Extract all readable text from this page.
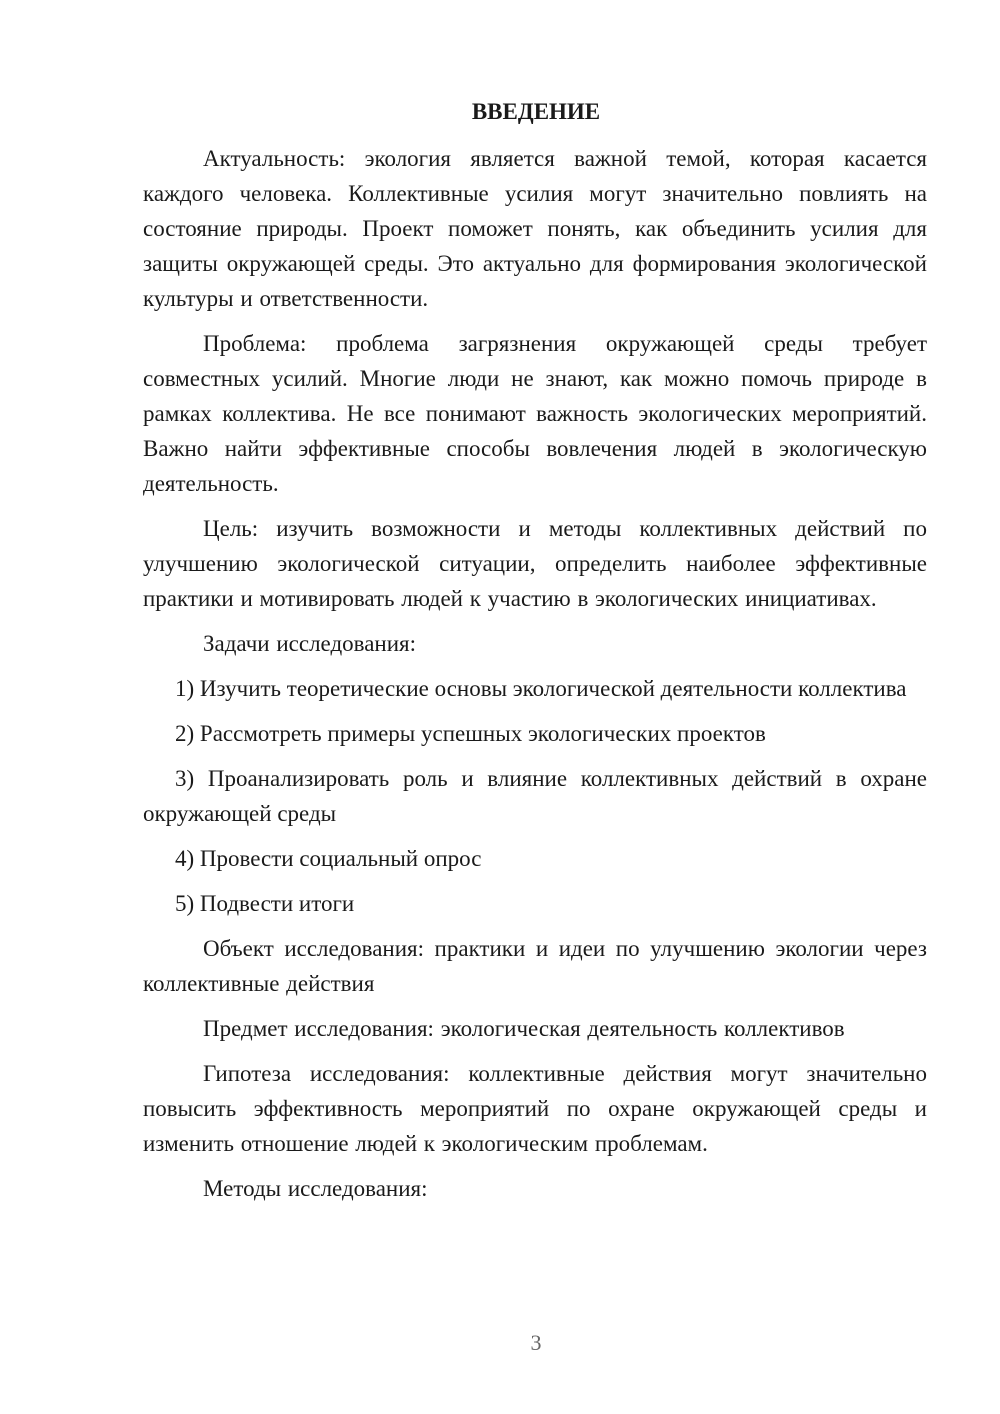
ВВЕДЕНИЕ

Актуальность: экология является важной темой, которая касается каждого человека. Коллективные усилия могут значительно повлиять на состояние природы. Проект поможет понять, как объединить усилия для защиты окружающей среды. Это актуально для формирования экологической культуры и ответственности.

Проблема: проблема загрязнения окружающей среды требует совместных усилий. Многие люди не знают, как можно помочь природе в рамках коллектива. Не все понимают важность экологических мероприятий. Важно найти эффективные способы вовлечения людей в экологическую деятельность.

Цель: изучить возможности и методы коллективных действий по улучшению экологической ситуации, определить наиболее эффективные практики и мотивировать людей к участию в экологических инициативах.

Задачи исследования:

1) Изучить теоретические основы экологической деятельности коллектива

2) Рассмотреть примеры успешных экологических проектов

3) Проанализировать роль и влияние коллективных действий в охране окружающей среды

4) Провести социальный опрос

5) Подвести итоги

Объект исследования: практики и идеи по улучшению экологии через коллективные действия

Предмет исследования: экологическая деятельность коллективов

Гипотеза исследования: коллективные действия могут значительно повысить эффективность мероприятий по охране окружающей среды и изменить отношение людей к экологическим проблемам.

Методы исследования:

3
